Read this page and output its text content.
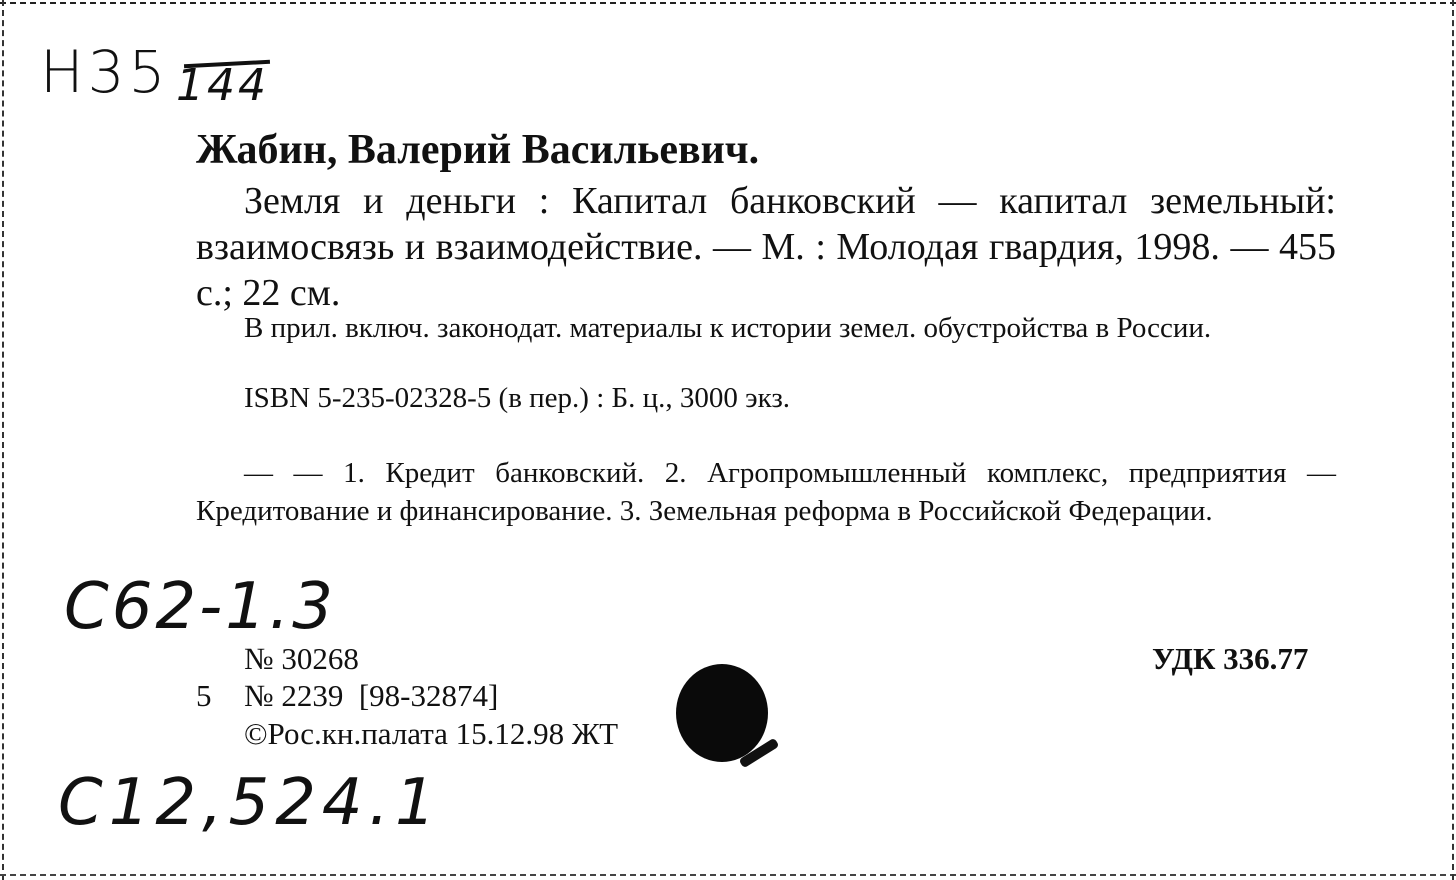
Н35 144
Жабин, Валерий Васильевич.
Земля и деньги : Капитал банковский — капитал земельный: взаимосвязь и взаимодействие. — М. : Молодая гвардия, 1998. — 455 с.; 22 см.
В прил. включ. законодат. материалы к истории земел. обустройства в России.
ISBN 5-235-02328-5 (в пер.) : Б. ц., 3000 экз.
— — 1. Кредит банковский. 2. Агропромышленный комплекс, предприятия — Кредитование и финансирование. 3. Земельная реформа в Российской Федерации.
С62-1.3
№ 30268	УДК 336.77
5 № 2239  [98-32874]
©Рос.кн.палата 15.12.98 ЖТ
С12,524.1
